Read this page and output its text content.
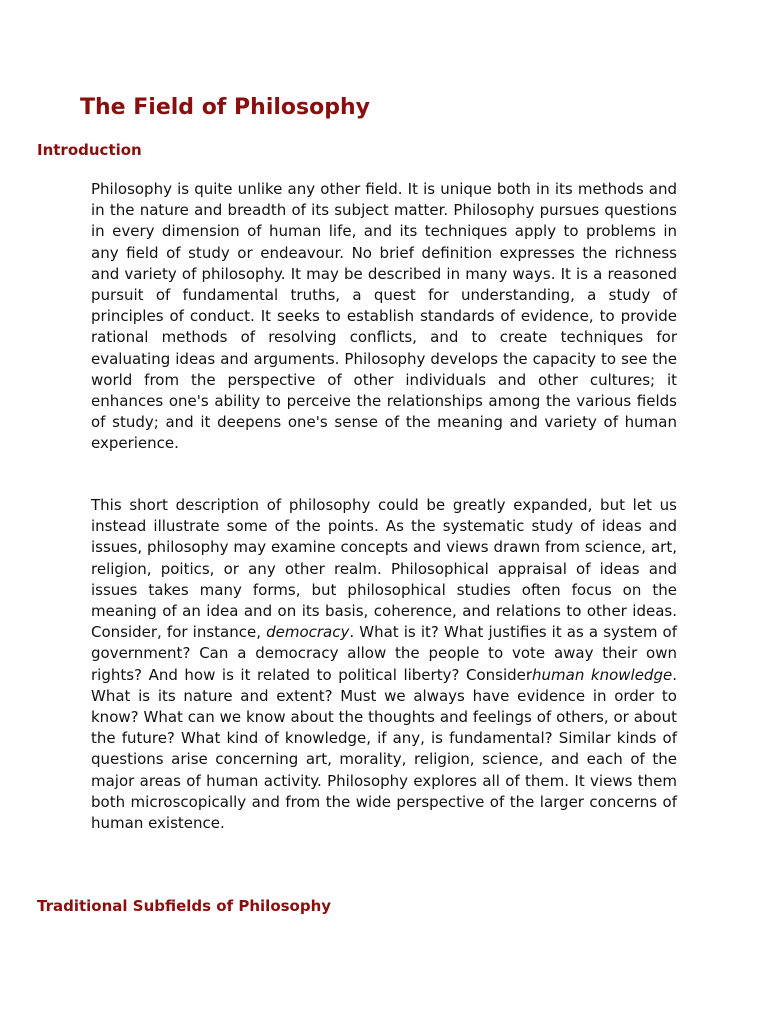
The Field of Philosophy
Introduction

Philosophy is quite unlike any other field. It is unique both in its methods and in the nature and breadth of its subject matter. Philosophy pursues questions in every dimension of human life, and its techniques apply to problems in any field of study or endeavour. No brief definition expresses the richness and variety of philosophy. It may be described in many ways. It is a reasoned pursuit of fundamental truths, a quest for understanding, a study of principles of conduct. It seeks to establish standards of evidence, to provide rational methods of resolving conflicts, and to create techniques for evaluating ideas and arguments. Philosophy develops the capacity to see the world from the perspective of other individuals and other cultures; it enhances one's ability to perceive the relationships among the various fields of study; and it deepens one's sense of the meaning and variety of human experience.

This short description of philosophy could be greatly expanded, but let us instead illustrate some of the points. As the systematic study of ideas and issues, philosophy may examine concepts and views drawn from science, art, religion, poitics, or any other realm. Philosophical appraisal of ideas and issues takes many forms, but philosophical studies often focus on the meaning of an idea and on its basis, coherence, and relations to other ideas. Consider, for instance, democracy. What is it? What justifies it as a system of government? Can a democracy allow the people to vote away their own rights? And how is it related to political liberty? Considerhuman knowledge. What is its nature and extent? Must we always have evidence in order to know? What can we know about the thoughts and feelings of others, or about the future? What kind of knowledge, if any, is fundamental? Similar kinds of questions arise concerning art, morality, religion, science, and each of the major areas of human activity. Philosophy explores all of them. It views them both microscopically and from the wide perspective of the larger concerns of human existence.

Traditional Subfields of Philosophy
